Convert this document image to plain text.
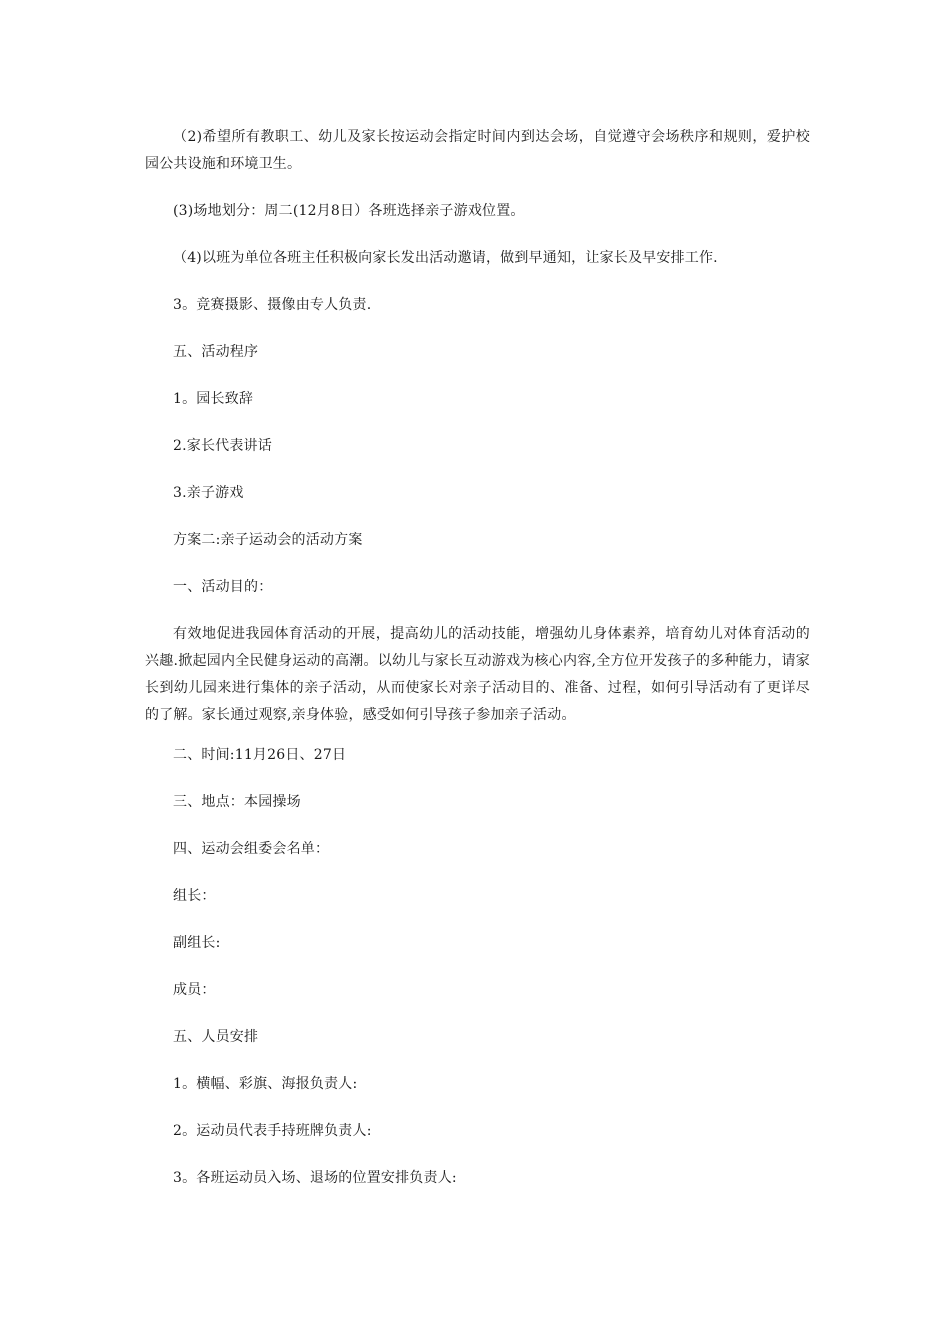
（2)希望所有教职工、幼儿及家长按运动会指定时间内到达会场，自觉遵守会场秩序和规则，爱护校园公共设施和环境卫生。

(3)场地划分：周二(12月8日）各班选择亲子游戏位置。

（4)以班为单位各班主任积极向家长发出活动邀请，做到早通知，让家长及早安排工作.

3。竞赛摄影、摄像由专人负责.

五、活动程序

1。园长致辞

2.家长代表讲话

3.亲子游戏

方案二:亲子运动会的活动方案

一、活动目的：

有效地促进我园体育活动的开展，提高幼儿的活动技能，增强幼儿身体素养，培育幼儿对体育活动的兴趣.掀起园内全民健身运动的高潮。以幼儿与家长互动游戏为核心内容,全方位开发孩子的多种能力，请家长到幼儿园来进行集体的亲子活动，从而使家长对亲子活动目的、准备、过程，如何引导活动有了更详尽的了解。家长通过观察,亲身体验，感受如何引导孩子参加亲子活动。

二、时间:11月26日、27日

三、地点：本园操场

四、运动会组委会名单：

组长：

副组长:

成员：

五、人员安排

1。横幅、彩旗、海报负责人:

2。运动员代表手持班牌负责人:

3。各班运动员入场、退场的位置安排负责人:
